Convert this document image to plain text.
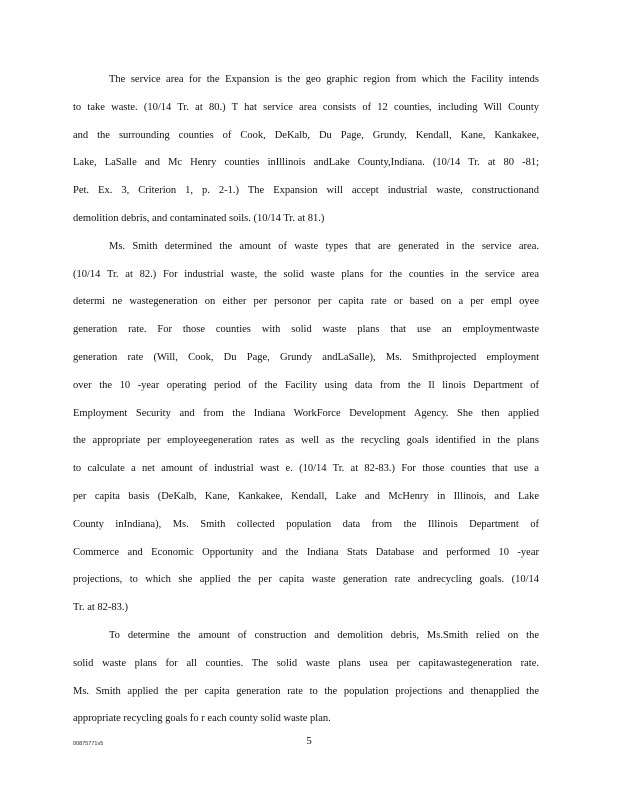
The service area for the Expansion is the geo graphic region from which the Facility intends
to take waste. (10/14 Tr. at 80.) T hat service area consists of 12 counties, including Will County
and the surrounding counties of Cook, DeKalb, Du Page, Grundy, Kendall, Kane, Kankakee,
Lake, LaSalle and Mc Henry counties inIllinois andLake County,Indiana. (10/14 Tr. at 80 -81;
Pet. Ex. 3, Criterion 1, p. 2-1.) The Expansion will accept industrial waste, constructionand
demolition debris, and contaminated soils. (10/14 Tr. at 81.)
Ms. Smith determined the amount of waste types that are generated in the service area.
(10/14 Tr. at 82.) For industrial waste, the solid waste plans for the counties in the service area
determi ne wastegeneration on either per personor per capita rate or based on a per empl oyee
generation rate. For those counties with solid waste plans that use an employmentwaste
generation rate (Will, Cook, Du Page, Grundy andLaSalle), Ms. Smithprojected employment
over the 10 -year operating period of the Facility using data from the Il linois Department of
Employment Security and from the Indiana WorkForce Development Agency. She then applied
the appropriate per employeegeneration rates as well as the recycling goals identified in the plans
to calculate a net amount of industrial wast e. (10/14 Tr. at 82-83.) For those counties that use a
per capita basis (DeKalb, Kane, Kankakee, Kendall, Lake and McHenry in Illinois, and Lake
County inIndiana), Ms. Smith collected population data from the Illinois Department of
Commerce and Economic Opportunity and the Indiana Stats Database and performed 10 -year
projections, to which she applied the per capita waste generation rate andrecycling goals. (10/14
Tr. at 82-83.)
To determine the amount of construction and demolition debris, Ms.Smith relied on the
solid waste plans for all counties. The solid waste plans usea per capitawastegeneration rate.
Ms. Smith applied the per capita generation rate to the population projections and thenapplied the
appropriate recycling goals fo r each county solid waste plan.
00875771v5	5
